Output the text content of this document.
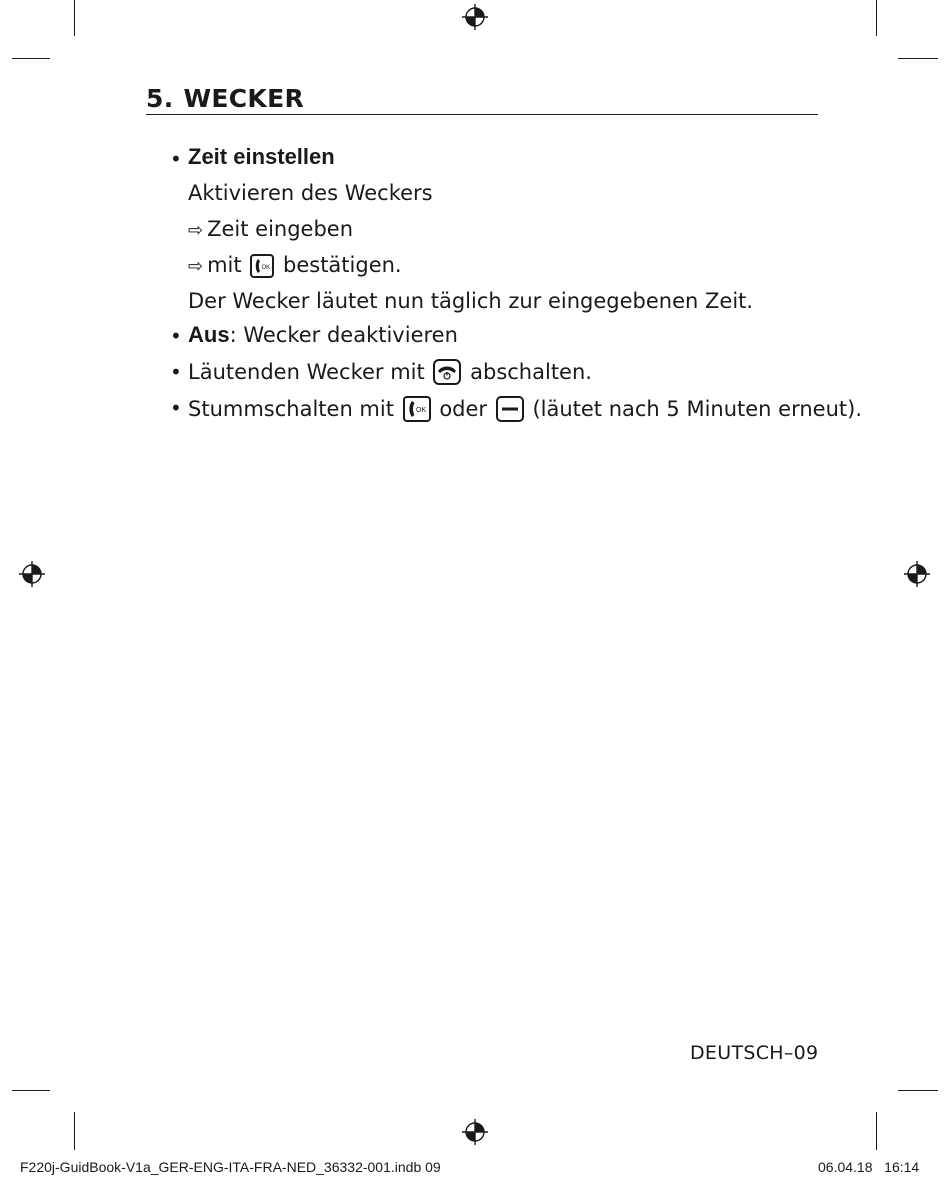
5. WECKER
• Zeit einstellen
Aktivieren des Weckers
⇨ Zeit eingeben
⇨ mit	OK bestätigen.
Der Wecker läutet nun täglich zur eingegebenen Zeit.
• Aus: Wecker deaktivieren
• Läutenden Wecker mit abschalten.
• Stummschalten mit	OK oder (läutet nach 5 Minuten erneut).
DEUTSCH–09
F220j-GuidBook-V1a_GER-ENG-ITA-FRA-NED_36332-001.indb 09	06.04.18   16:14
